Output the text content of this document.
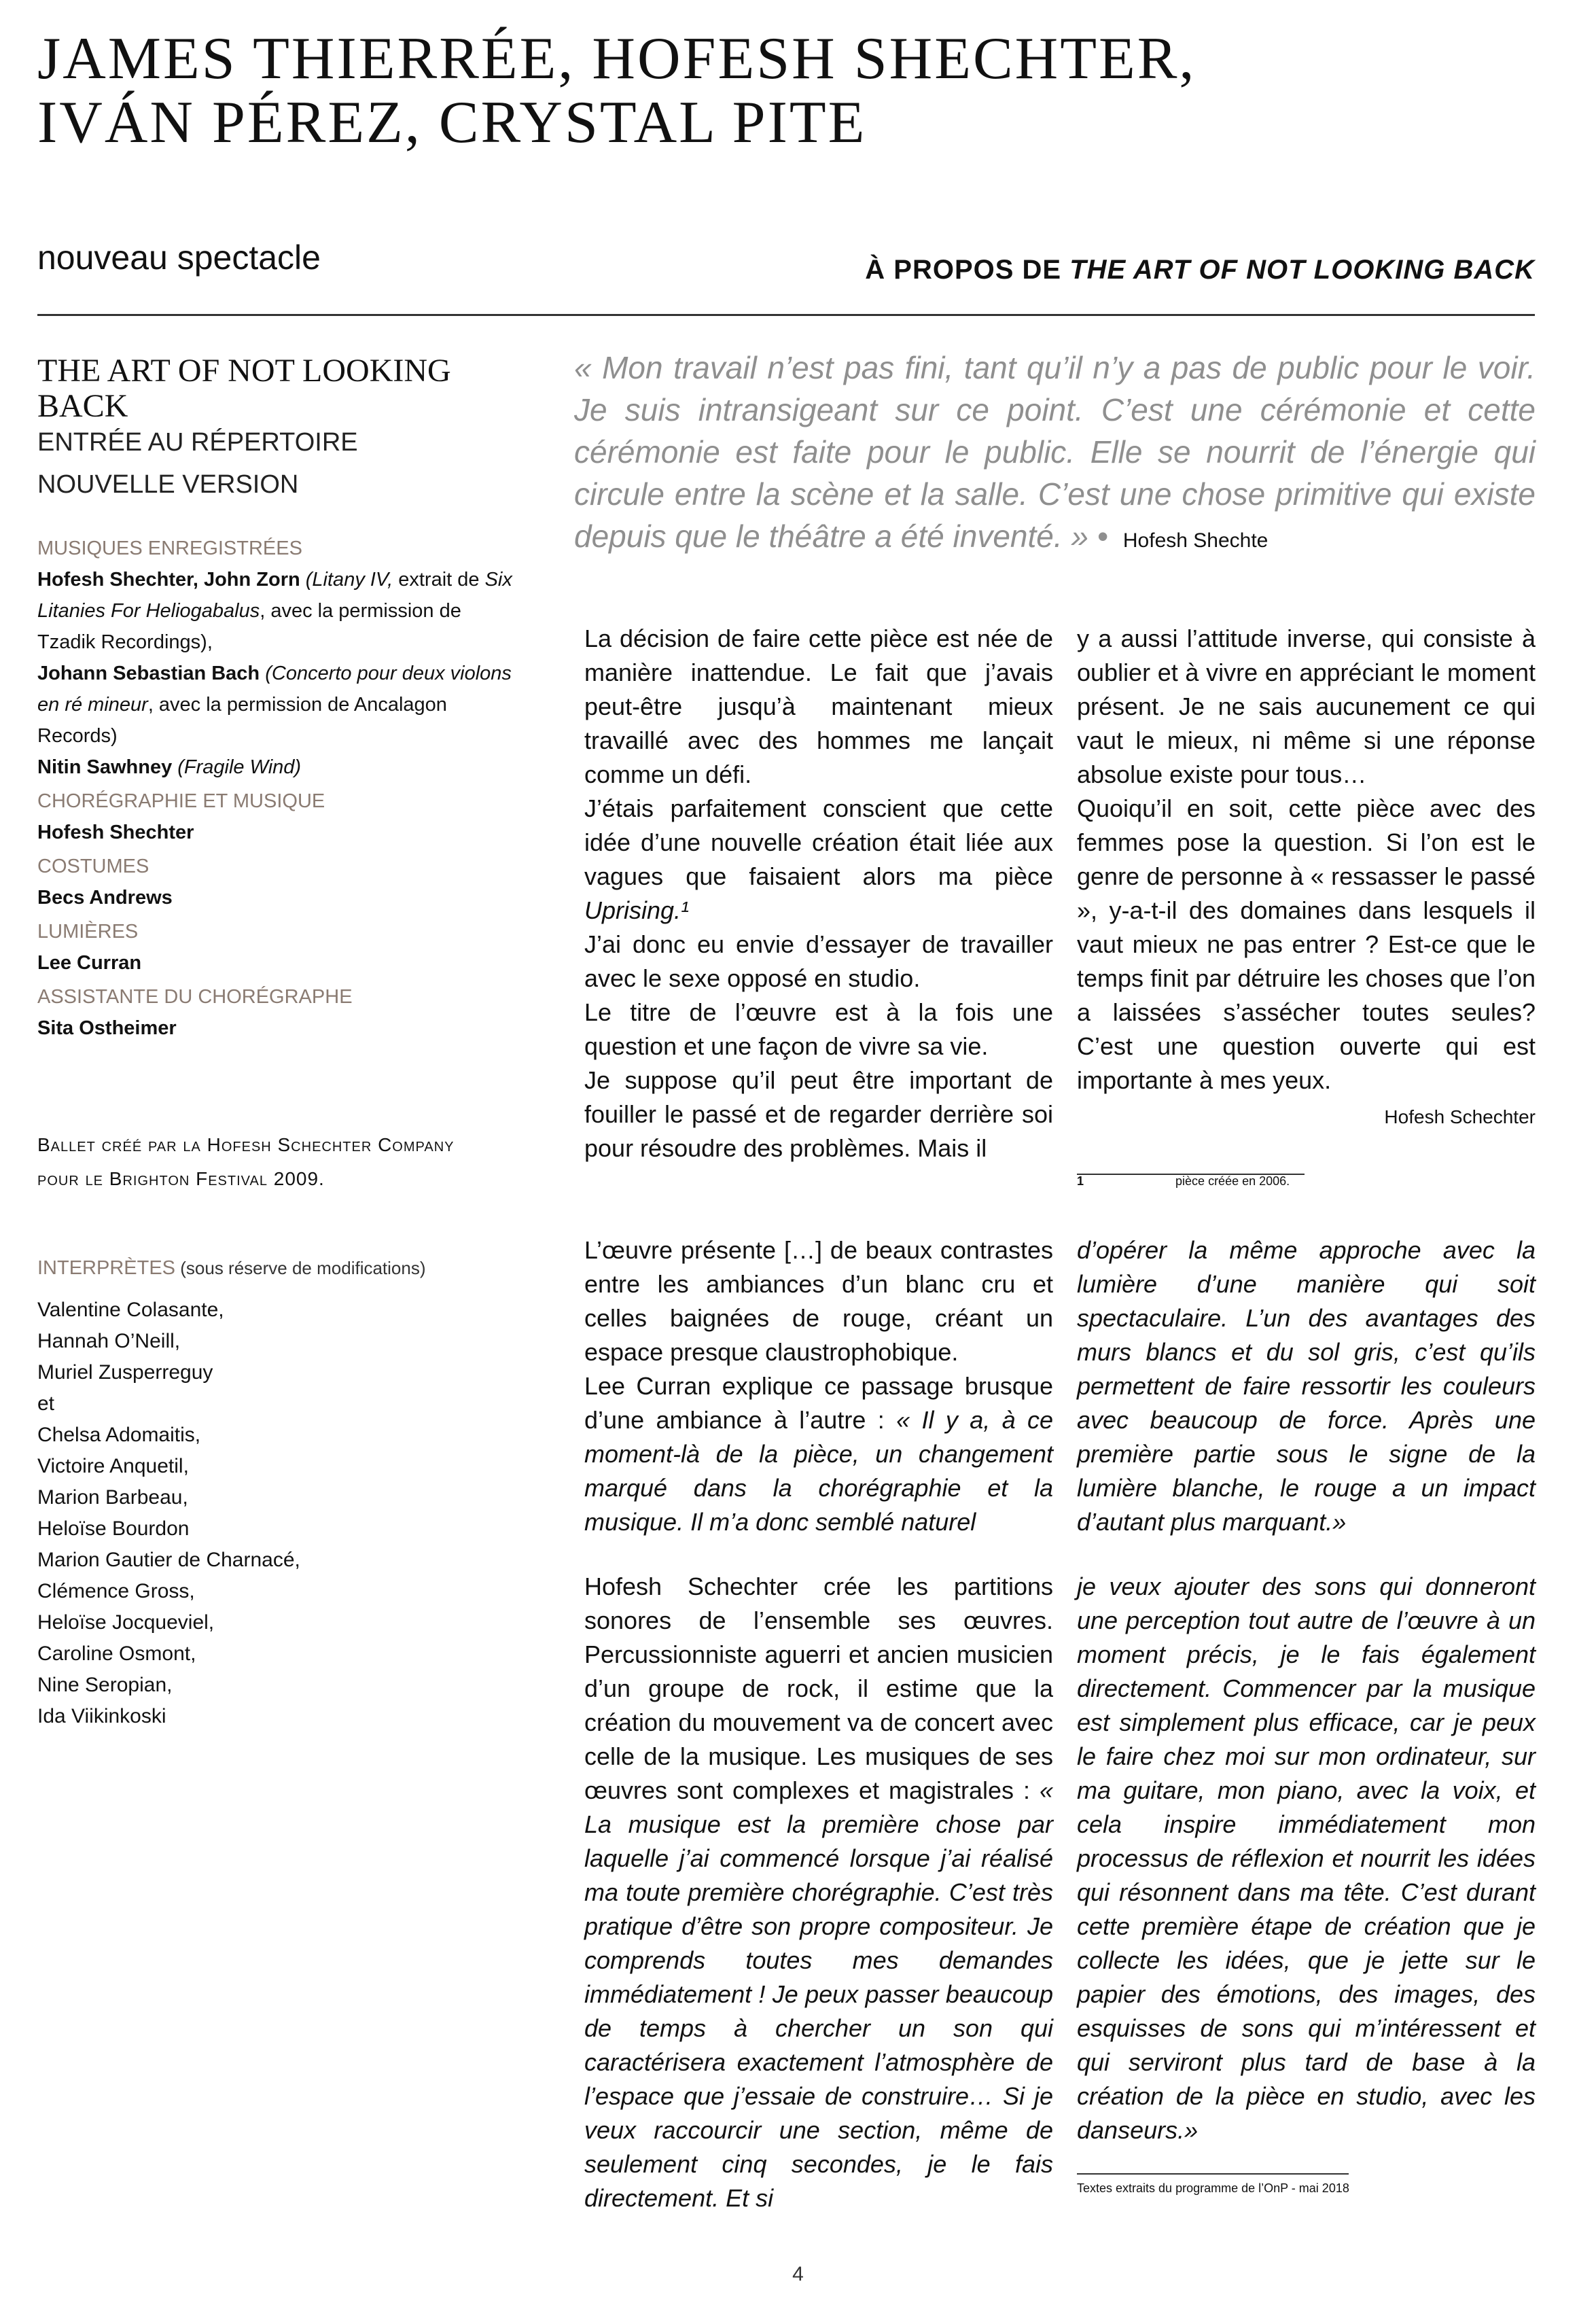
JAMES THIERRÉE, HOFESH SHECHTER,
IVÁN PÉREZ, CRYSTAL PITE
nouveau spectacle	À PROPOS DE THE ART OF NOT LOOKING BACK
THE ART OF NOT LOOKING BACK
ENTRÉE AU RÉPERTOIRE
NOUVELLE VERSION
MUSIQUES ENREGISTRÉES
Hofesh Shechter, John Zorn (Litany IV, extrait de Six Litanies For Heliogabalus, avec la permission de Tzadik Recordings),
Johann Sebastian Bach (Concerto pour deux violons en ré mineur, avec la permission de Ancalagon Records)
Nitin Sawhney (Fragile Wind)
CHORÉGRAPHIE ET MUSIQUE
Hofesh Shechter
COSTUMES
Becs Andrews
LUMIÈRES
Lee Curran
ASSISTANTE DU CHORÉGRAPHE
Sita Ostheimer
Ballet créé par la Hofesh Schechter Company
pour le Brighton Festival 2009.
INTERPRÈTES (sous réserve de modifications)
Valentine Colasante,
Hannah O’Neill,
Muriel Zusperreguy
et
Chelsa Adomaitis,
Victoire Anquetil,
Marion Barbeau,
Heloïse Bourdon
Marion Gautier de Charnacé,
Clémence Gross,
Heloïse Jocqueviel,
Caroline Osmont,
Nine Seropian,
Ida Viikinkoski
« Mon travail n’est pas fini, tant qu’il n’y a pas de public pour le voir. Je suis intransigeant sur ce point. C’est une cérémonie et cette cérémonie est faite pour le public. Elle se nourrit de l’énergie qui circule entre la scène et la salle. C’est une chose primitive qui existe depuis que le théâtre a été inventé. » • Hofesh Shechte

La décision de faire cette pièce est née de manière inattendue. Le fait que j’avais peut-être jusqu’à maintenant mieux travaillé avec des hommes me lançait comme un défi.

J’étais parfaitement conscient que cette idée d’une nouvelle création était liée aux vagues que faisaient alors ma pièce Uprising.¹

J’ai donc eu envie d’essayer de travailler avec le sexe opposé en studio.

Le titre de l’œuvre est à la fois une question et une façon de vivre sa vie.

Je suppose qu’il peut être important de fouiller le passé et de regarder derrière soi pour résoudre des problèmes. Mais il

y a aussi l’attitude inverse, qui consiste à oublier et à vivre en appréciant le moment présent. Je ne sais aucunement ce qui vaut le mieux, ni même si une réponse absolue existe pour tous…

Quoiqu’il en soit, cette pièce avec des femmes pose la question. Si l’on est le genre de personne à « ressasser le passé », y-a-t-il des domaines dans lesquels il vaut mieux ne pas entrer ? Est-ce que le temps finit par détruire les choses que l’on a laissées s’assécher toutes seules? C’est une question ouverte qui est importante à mes yeux.

Hofesh Schechter
1	pièce créée en 2006.

L’œuvre présente […] de beaux contrastes entre les ambiances d’un blanc cru et celles baignées de rouge, créant un espace presque claustrophobique.

Lee Curran explique ce passage brusque d’une ambiance à l’autre : « Il y a, à ce moment-là de la pièce, un changement marqué dans la chorégraphie et la musique. Il m’a donc semblé naturel

d’opérer la même approche avec la lumière d’une manière qui soit spectaculaire. L’un des avantages des murs blancs et du sol gris, c’est qu’ils permettent de faire ressortir les couleurs avec beaucoup de force. Après une première partie sous le signe de la lumière blanche, le rouge a un impact d’autant plus marquant.»

Hofesh Schechter crée les partitions sonores de l’ensemble ses œuvres. Percussionniste aguerri et ancien musicien d’un groupe de rock, il estime que la création du mouvement va de concert avec celle de la musique. Les musiques de ses œuvres sont complexes et magistrales : « La musique est la première chose par laquelle j’ai commencé lorsque j’ai réalisé ma toute première chorégraphie. C’est très pratique d’être son propre compositeur. Je comprends toutes mes demandes immédiatement ! Je peux passer beaucoup de temps à chercher un son qui caractérisera exactement l’atmosphère de l’espace que j’essaie de construire… Si je veux raccourcir une section, même de seulement cinq secondes, je le fais directement. Et si

je veux ajouter des sons qui donneront une perception tout autre de l’œuvre à un moment précis, je le fais également directement. Commencer par la musique est simplement plus efficace, car je peux le faire chez moi sur mon ordinateur, sur ma guitare, mon piano, avec la voix, et cela inspire immédiatement mon processus de réflexion et nourrit les idées qui résonnent dans ma tête. C’est durant cette première étape de création que je collecte les idées, que je jette sur le papier des émotions, des images, des esquisses de sons qui m’intéressent et qui serviront plus tard de base à la création de la pièce en studio, avec les danseurs.»

Textes extraits du programme de l’OnP - mai 2018
4
